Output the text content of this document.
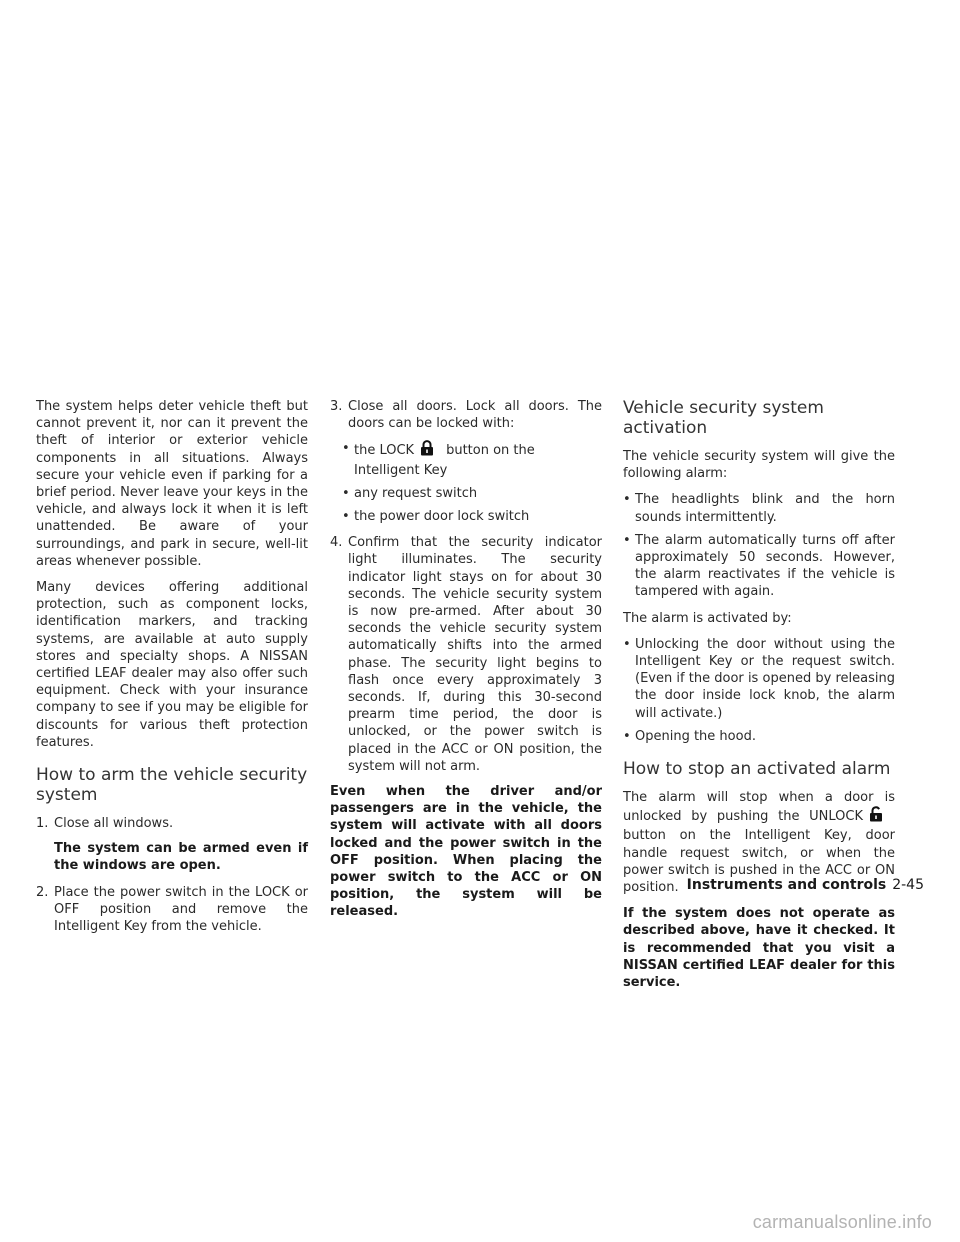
The system helps deter vehicle theft but cannot prevent it, nor can it prevent the theft of interior or exterior vehicle components in all situations. Always secure your vehicle even if parking for a brief period. Never leave your keys in the vehicle, and always lock it when it is left unattended. Be aware of your surroundings, and park in secure, well-lit areas whenever possible.

Many devices offering additional protection, such as component locks, identification markers, and tracking systems, are available at auto supply stores and specialty shops. A NISSAN certified LEAF dealer may also offer such equipment. Check with your insurance company to see if you may be eligible for discounts for various theft protection features.

How to arm the vehicle security system
1. Close all windows.

The system can be armed even if the windows are open.

2. Place the power switch in the LOCK or OFF position and remove the Intelligent Key from the vehicle.
3. Close all doors. Lock all doors. The doors can be locked with:
• the LOCK button on the Intelligent Key
• any request switch
• the power door lock switch
4. Confirm that the security indicator light illuminates. The security indicator light stays on for about 30 seconds. The vehicle security system is now pre-armed. After about 30 seconds the vehicle security system automatically shifts into the armed phase. The security light begins to flash once every approximately 3 seconds. If, during this 30-second prearm time period, the door is unlocked, or the power switch is placed in the ACC or ON position, the system will not arm.

Even when the driver and/or passengers are in the vehicle, the system will activate with all doors locked and the power switch in the OFF position. When placing the power switch to the ACC or ON position, the system will be released.

Vehicle security system activation

The vehicle security system will give the following alarm:

• The headlights blink and the horn sounds intermittently.
• The alarm automatically turns off after approximately 50 seconds. However, the alarm reactivates if the vehicle is tampered with again.

The alarm is activated by:

• Unlocking the door without using the Intelligent Key or the request switch. (Even if the door is opened by releasing the door inside lock knob, the alarm will activate.)
• Opening the hood.
How to stop an activated alarm

The alarm will stop when a door is unlocked by pushing the UNLOCKbutton on the Intelligent Key, door handle request switch, or when the power switch is pushed in the ACC or ON position.

If the system does not operate as described above, have it checked. It is recommended that you visit a NISSAN certified LEAF dealer for this service.

Instruments and controls 2-45
carmanualsonline.info
